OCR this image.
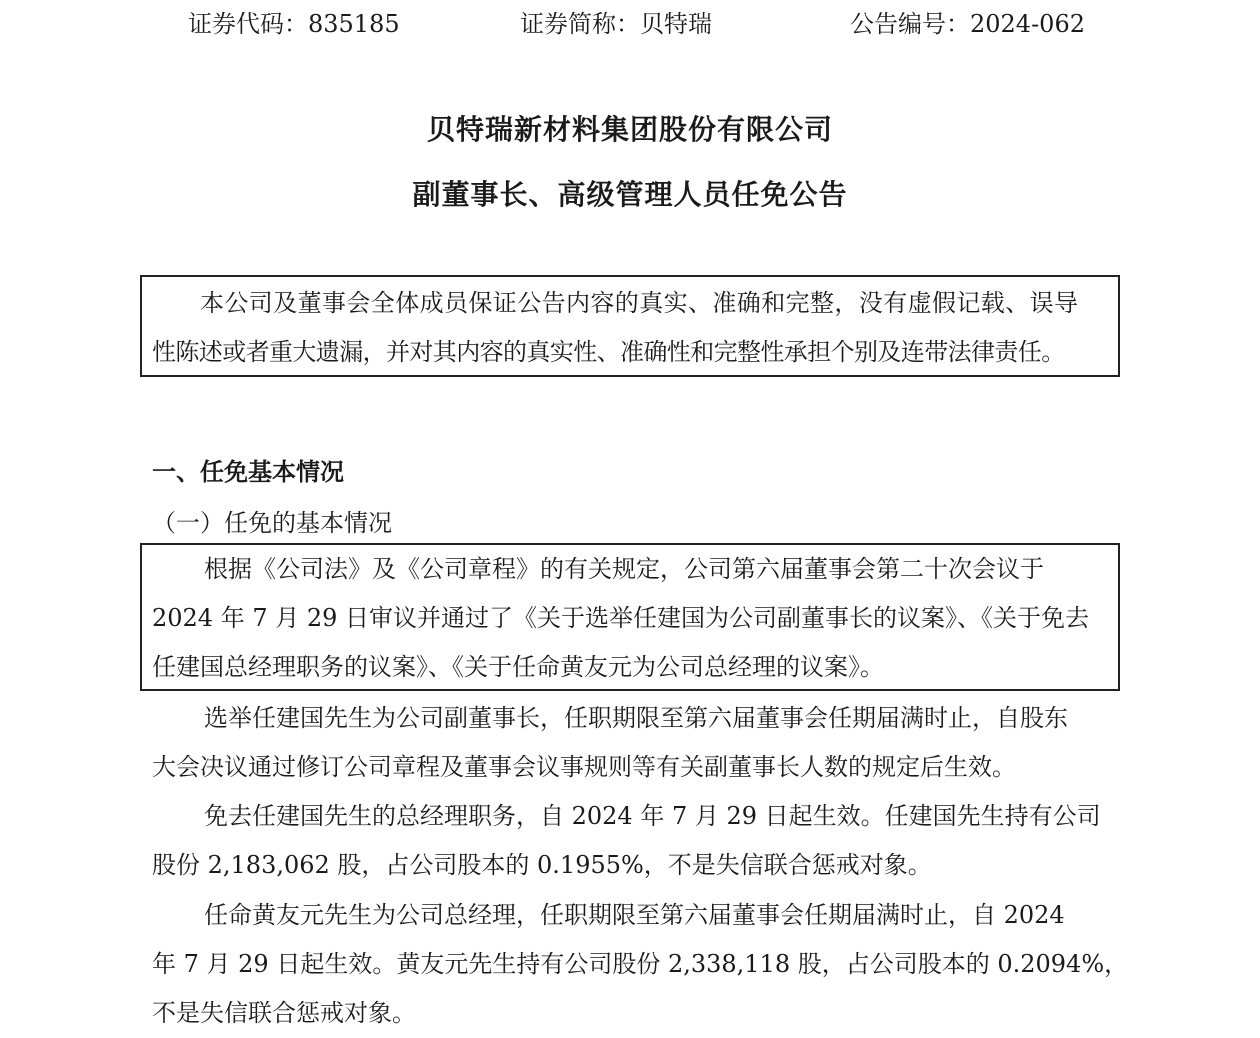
证券代码：835185	证券简称：贝特瑞	公告编号：2024-062
贝特瑞新材料集团股份有限公司
副董事长、高级管理人员任免公告
本公司及董事会全体成员保证公告内容的真实、准确和完整，没有虚假记载、误导
性陈述或者重大遗漏，并对其内容的真实性、准确性和完整性承担个别及连带法律责任。
一、任免基本情况
（一）任免的基本情况
根据《公司法》及《公司章程》的有关规定，公司第六届董事会第二十次会议于
2024 年 7 月 29 日审议并通过了《关于选举任建国为公司副董事长的议案》、《关于免去
任建国总经理职务的议案》、《关于任命黄友元为公司总经理的议案》。
选举任建国先生为公司副董事长，任职期限至第六届董事会任期届满时止，自股东
大会决议通过修订公司章程及董事会议事规则等有关副董事长人数的规定后生效。
免去任建国先生的总经理职务，自 2024 年 7 月 29 日起生效。任建国先生持有公司
股份 2,183,062 股，占公司股本的 0.1955%，不是失信联合惩戒对象。
任命黄友元先生为公司总经理，任职期限至第六届董事会任期届满时止，自 2024
年 7 月 29 日起生效。黄友元先生持有公司股份 2,338,118 股，占公司股本的 0.2094%，
不是失信联合惩戒对象。
